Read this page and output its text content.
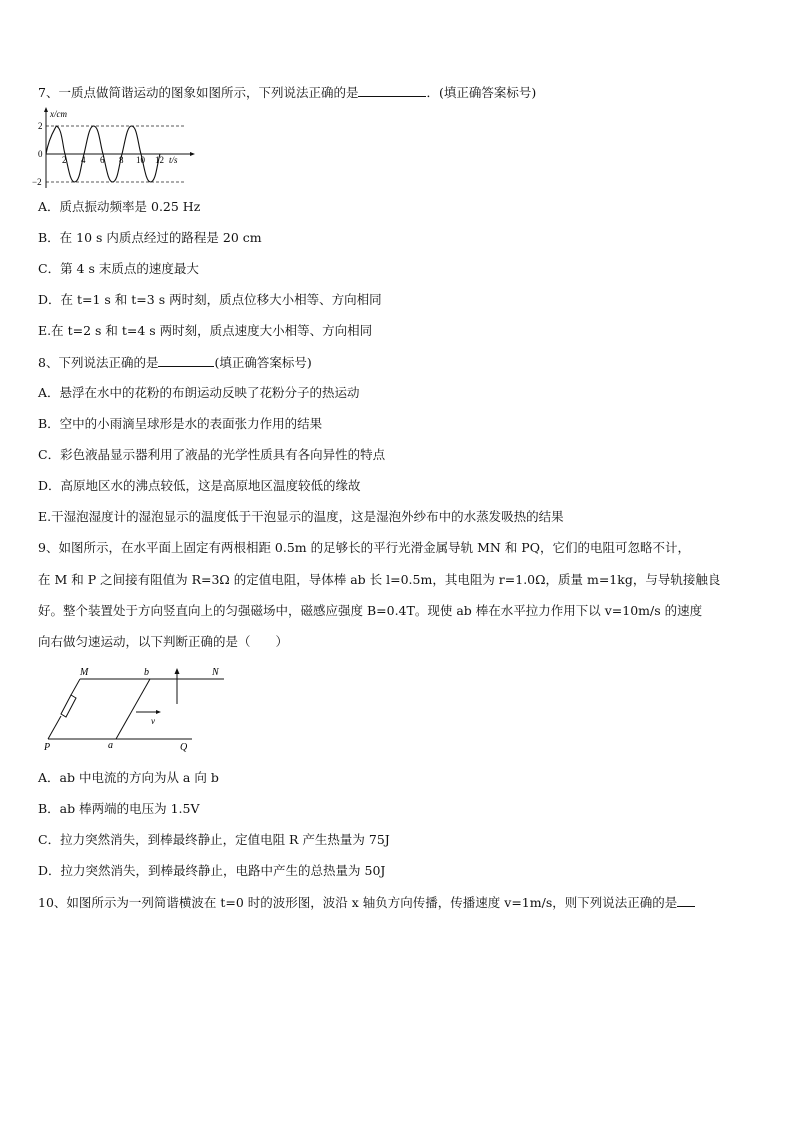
7、一质点做简谐运动的图象如图所示，下列说法正确的是	．(填正确答案标号)
x/cm
t/s
2
0
−2
2 4 6 8 10 12
A．质点振动频率是 0.25 Hz
B．在 10 s 内质点经过的路程是 20 cm
C．第 4 s 末质点的速度最大
D．在 t=1 s 和 t=3 s 两时刻，质点位移大小相等、方向相同
E.在 t=2 s 和 t=4 s 两时刻，质点速度大小相等、方向相同
8、下列说法正确的是	(填正确答案标号)
A．悬浮在水中的花粉的布朗运动反映了花粉分子的热运动
B．空中的小雨滴呈球形是水的表面张力作用的结果
C．彩色液晶显示器利用了液晶的光学性质具有各向异性的特点
D．高原地区水的沸点较低，这是高原地区温度较低的缘故
E.干湿泡湿度计的湿泡显示的温度低于干泡显示的温度，这是湿泡外纱布中的水蒸发吸热的结果
9、如图所示，在水平面上固定有两根相距 0.5m 的足够长的平行光滑金属导轨 MN 和 PQ，它们的电阻可忽略不计，
在 M 和 P 之间接有阻值为 R=3Ω 的定值电阻，导体棒 ab 长 l=0.5m，其电阻为 r=1.0Ω，质量 m=1kg，与导轨接触良
好。整个装置处于方向竖直向上的匀强磁场中，磁感应强度 B=0.4T。现使 ab 棒在水平拉力作用下以 v=10m/s 的速度
向右做匀速运动，以下判断正确的是（　　）
M	b	N
v
P	a	Q
A．ab 中电流的方向为从 a 向 b
B．ab 棒两端的电压为 1.5V
C．拉力突然消失，到棒最终静止，定值电阻 R 产生热量为 75J
D．拉力突然消失，到棒最终静止，电路中产生的总热量为 50J
10、如图所示为一列简谐横波在 t=0 时的波形图，波沿 x 轴负方向传播，传播速度 v=1m/s，则下列说法正确的是
